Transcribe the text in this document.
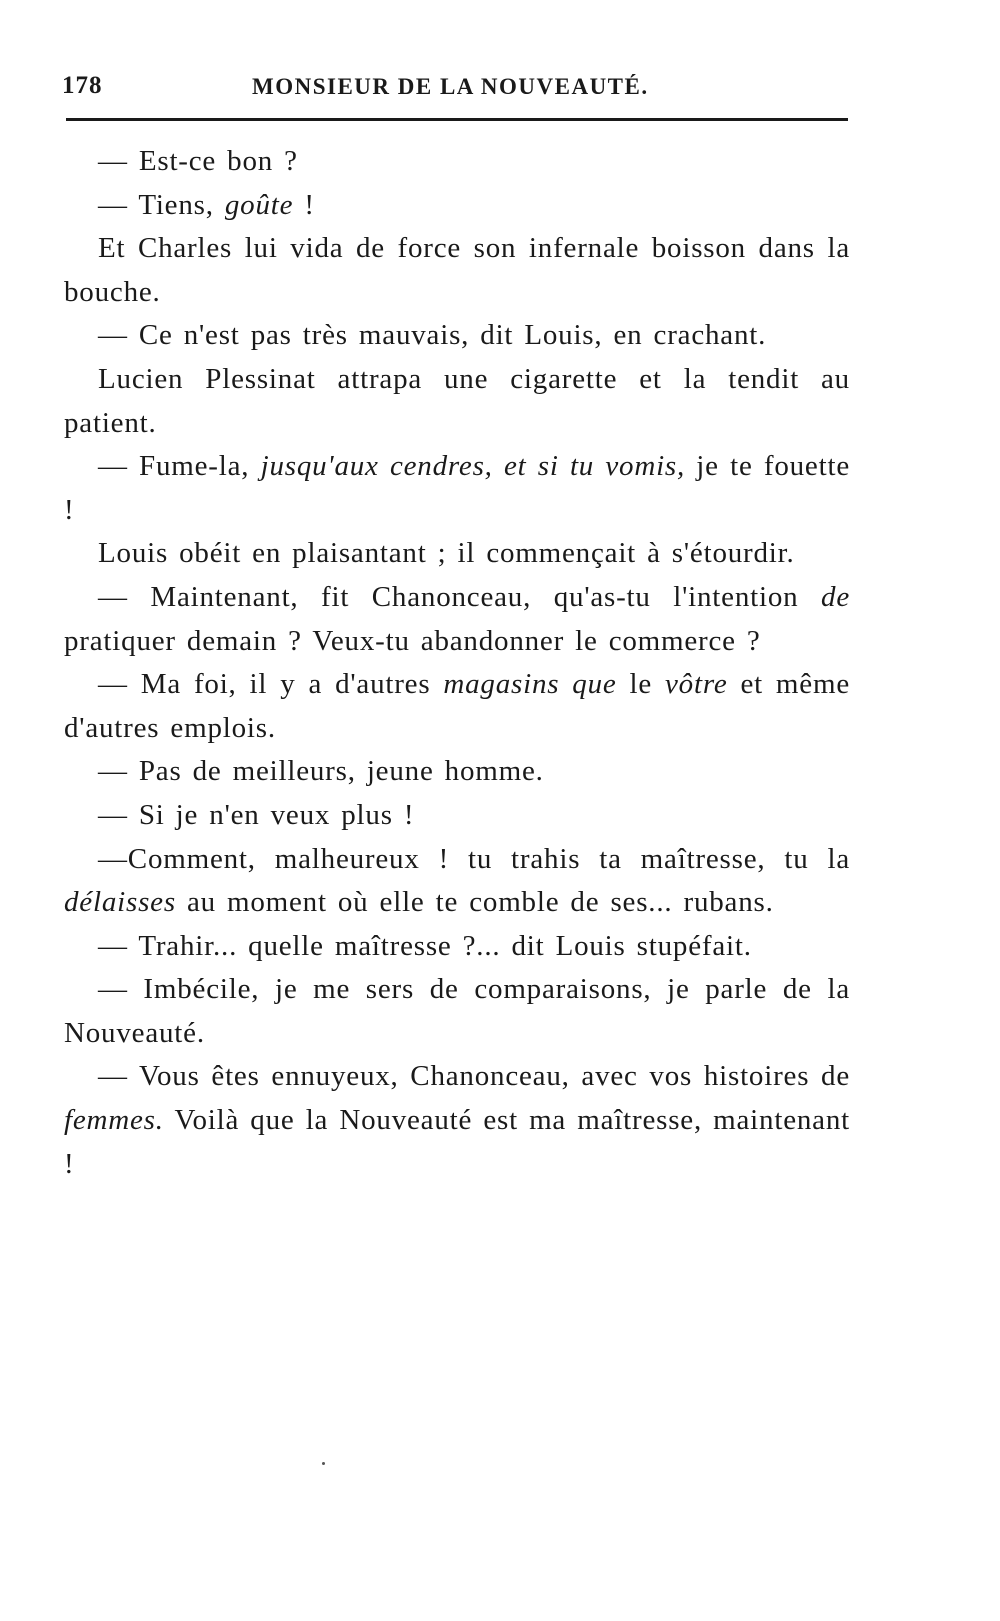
178	MONSIEUR DE LA NOUVEAUTÉ.

— Est-ce bon ?

— Tiens, goûte !

Et Charles lui vida de force son infernale boisson dans la bouche.

— Ce n'est pas très mauvais, dit Louis, en crachant.

Lucien Plessinat attrapa une cigarette et la tendit au patient.

— Fume-la, jusqu'aux cendres, et si tu vomis, je te fouette !

Louis obéit en plaisantant ; il commençait à s'étourdir.

— Maintenant, fit Chanonceau, qu'as-tu l'intention de pratiquer demain ? Veux-tu abandonner le commerce ?

— Ma foi, il y a d'autres magasins que le vôtre et même d'autres emplois.

— Pas de meilleurs, jeune homme.

— Si je n'en veux plus !

—Comment, malheureux ! tu trahis ta maîtresse, tu la délaisses au moment où elle te comble de ses... rubans.

— Trahir... quelle maîtresse ?... dit Louis stupéfait.

— Imbécile, je me sers de comparaisons, je parle de la Nouveauté.

— Vous êtes ennuyeux, Chanonceau, avec vos histoires de femmes. Voilà que la Nouveauté est ma maîtresse, maintenant !
